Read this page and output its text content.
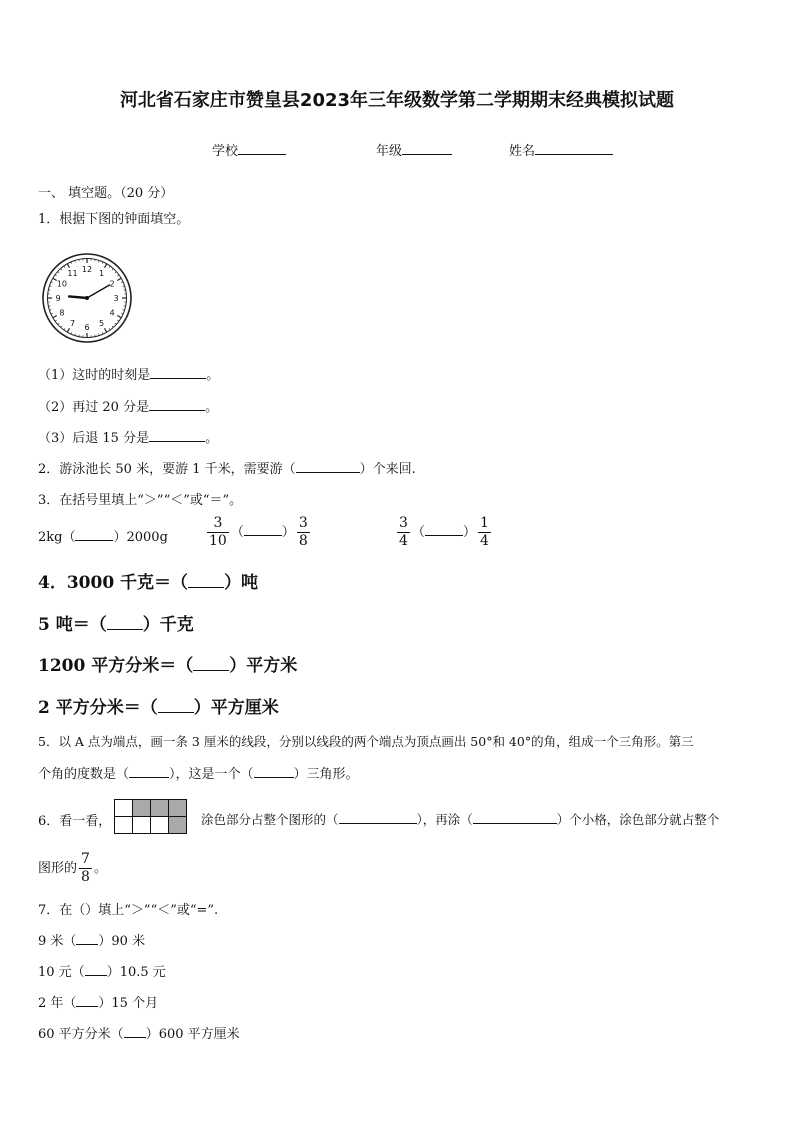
河北省石家庄市赞皇县2023年三年级数学第二学期期末经典模拟试题
学校	年级	姓名
一、 填空题。（20 分）
1．根据下图的钟面填空。
12 1
2
3
4
5
6
7
8
9
10
11
（1）这时的时刻是	。
（2）再过 20 分是	。
（3）后退 15 分是	。
2．游泳池长 50 米，要游 1 千米，需要游（	）个来回.
3．在括号里填上“＞”“＜”或“＝”。
2kg（	）2000g	$\frac{3}{10}$ （	） $\frac{3}{8}$	$\frac{3}{4}$ （	） $\frac{1}{4}$
4．3000 千克＝（ ）吨
5 吨＝（ ）千克
1200 平方分米＝（ ）平方米
2 平方分米＝（ ）平方厘米
5．以 A 点为端点，画一条 3 厘米的线段，分别以线段的两个端点为顶点画出 50°和 40°的角，组成一个三角形。第三
个角的度数是（	），这是一个（	）三角形。
6．看一看，

				涂色部分占整个图形的（	），再涂（	）个小格，涂色部分就占整个
图形的 $\frac{7}{8}$ 。
7．在（）填上“＞”“＜”或“=”.
9 米（ ）90 米
10 元（ ）10.5 元
2 年（ ）15 个月
60 平方分米（ ）600 平方厘米
